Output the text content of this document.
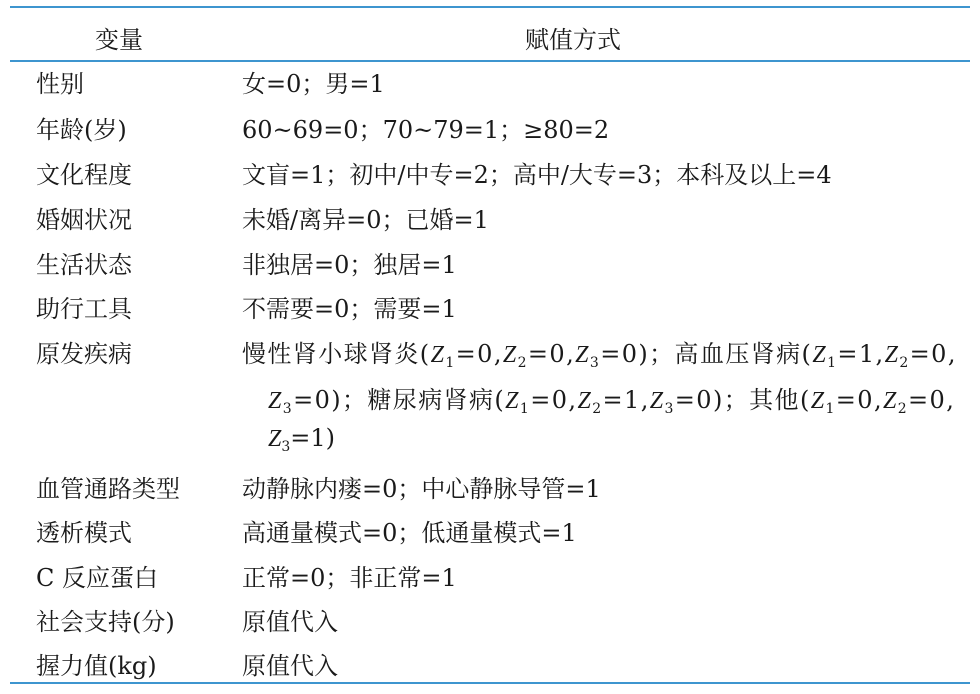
变量	赋值方式
性别	女=0；男=1
年龄(岁)	60~69=0；70~79=1；≥80=2
文化程度	文盲=1；初中/中专=2；高中/大专=3；本科及以上=4
婚姻状况	未婚/离异=0；已婚=1
生活状态	非独居=0；独居=1
助行工具	不需要=0；需要=1
原发疾病	慢性肾小球肾炎$(Z_1=0,Z_2=0,Z_3=0)$；高血压肾病($Z_1=1,Z_2=0$,
$Z_3=0$)；糖尿病肾病$(Z_1=0,Z_2=1,Z_3=0)$；其他($Z_1=0,Z_2=0$,
$Z_3=1$)
血管通路类型	动静脉内瘘=0；中心静脉导管=1
透析模式	高通量模式=0；低通量模式=1
C 反应蛋白	正常=0；非正常=1
社会支持(分)	原值代入
握力值(kg)	原值代入
